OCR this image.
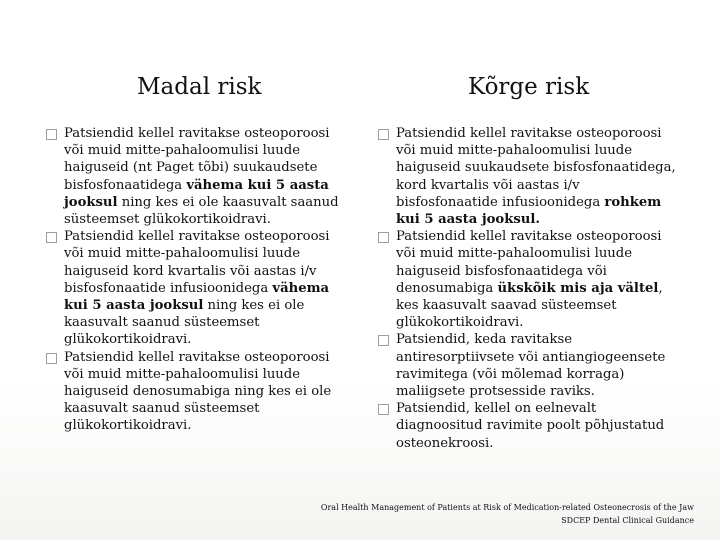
Madal risk
Patsiendid kellel ravitakse osteoporoosi või muid mitte-pahaloomulisi luude haiguseid (nt Paget tõbi) suukaudsete bisfosfonaatidega vähema kui 5 aasta jooksul ning kes ei ole kaasuvalt saanud süsteemset glükokortikoidravi.
Patsiendid kellel ravitakse osteoporoosi või muid mitte-pahaloomulisi luude haiguseid kord kvartalis või aastas i/v bisfosfonaatide infusioonidega vähema kui 5 aasta jooksul ning kes ei ole kaasuvalt saanud süsteemset glükokortikoidravi.
Patsiendid kellel ravitakse osteoporoosi või muid mitte-pahaloomulisi luude haiguseid denosumabiga ning kes ei ole kaasuvalt saanud süsteemset glükokortikoidravi.
Kõrge risk
Patsiendid kellel ravitakse osteoporoosi või muid mitte-pahaloomulisi luude haiguseid suukaudsete bisfosfonaatidega, kord kvartalis või aastas i/v bisfosfonaatide infusioonidega rohkem kui 5 aasta jooksul.
Patsiendid kellel ravitakse osteoporoosi või muid mitte-pahaloomulisi luude haiguseid bisfosfonaatidega või denosumabiga ükskõik mis aja vältel, kes kaasuvalt saavad süsteemset glükokortikoidravi.
Patsiendid, keda ravitakse antiresorptiivsete või antiangiogeensete ravimitega (või mõlemad korraga) maliigsete protsesside raviks.
Patsiendid, kellel on eelnevalt diagnoositud ravimite poolt põhjustatud osteonekroosi.
Oral Health Management of Patients at Risk of Medication-related Osteonecrosis of the Jaw
SDCEP Dental Clinical Guidance
